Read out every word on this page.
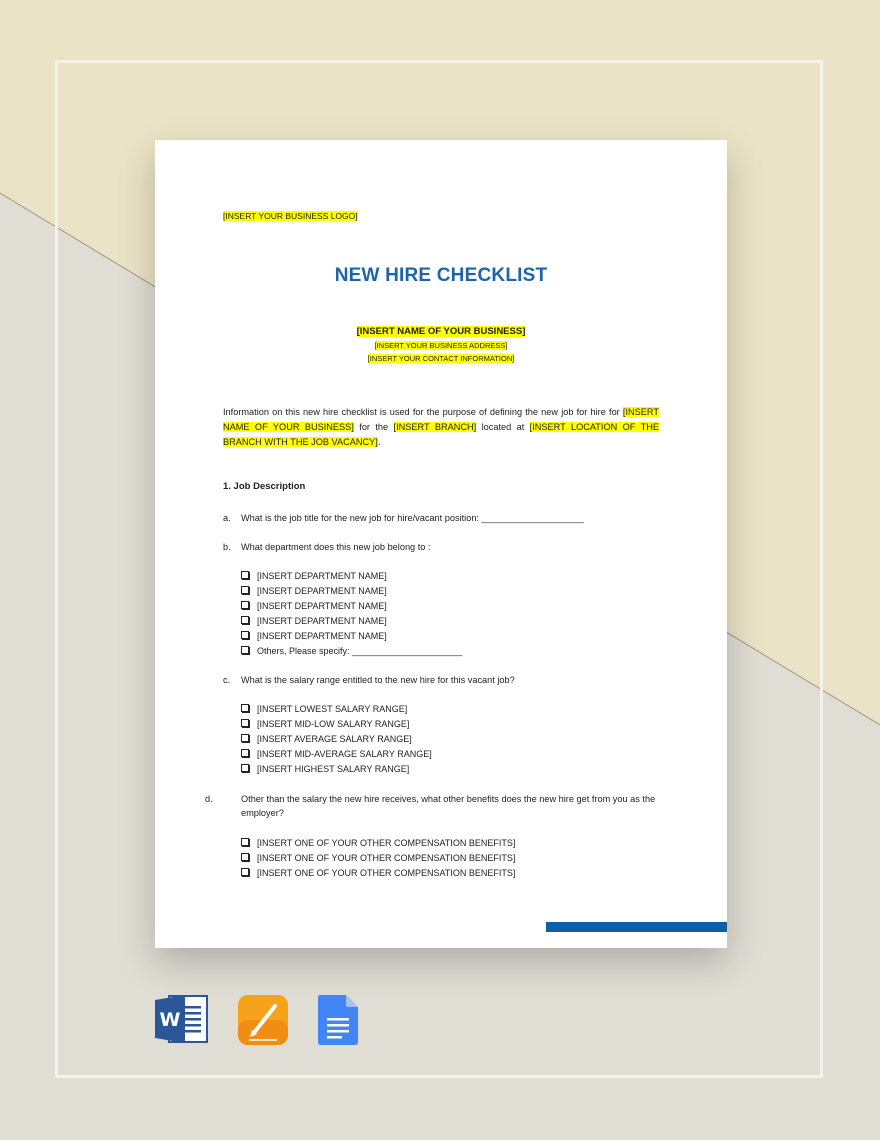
[INSERT YOUR BUSINESS LOGO]
NEW HIRE CHECKLIST
[INSERT NAME OF YOUR BUSINESS]
[INSERT YOUR BUSINESS ADDRESS]
[INSERT YOUR CONTACT INFORMATION]
Information on this new hire checklist is used for the purpose of defining the new job for hire for [INSERT NAME OF YOUR BUSINESS] for the [INSERT BRANCH] located at [INSERT LOCATION OF THE BRANCH WITH THE JOB VACANCY].
1. Job Description
a. What is the job title for the new job for hire/vacant position: ____________________
b. What department does this new job belong to :
[INSERT DEPARTMENT NAME]
[INSERT DEPARTMENT NAME]
[INSERT DEPARTMENT NAME]
[INSERT DEPARTMENT NAME]
[INSERT DEPARTMENT NAME]
Others, Please specify: ______________________
c. What is the salary range entitled to the new hire for this vacant job?
[INSERT LOWEST SALARY RANGE]
[INSERT MID-LOW SALARY RANGE]
[INSERT AVERAGE SALARY RANGE]
[INSERT MID-AVERAGE SALARY RANGE]
[INSERT HIGHEST SALARY RANGE]
d.	Other than the salary the new hire receives, what other benefits does the new hire get from you as the employer?
[INSERT ONE OF YOUR OTHER COMPENSATION BENEFITS]
[INSERT ONE OF YOUR OTHER COMPENSATION BENEFITS]
[INSERT ONE OF YOUR OTHER COMPENSATION BENEFITS]
W
